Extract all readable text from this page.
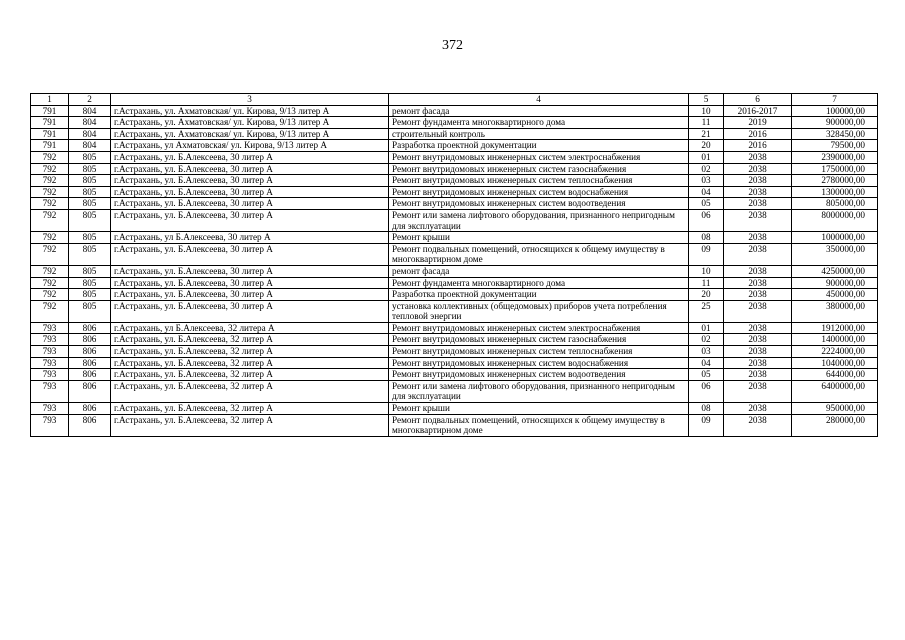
372
1	2	3	4	5	6	7
791	804	г.Астрахань, ул. Ахматовская/ ул. Кирова, 9/13 литер А	ремонт фасада	10	2016-2017	100000,00
791	804	г.Астрахань, ул. Ахматовская/ ул. Кирова, 9/13 литер А	Ремонт фундамента многоквартирного дома	11	2019	900000,00
791	804	г.Астрахань, ул. Ахматовская/ ул. Кирова, 9/13 литер А	строительный контроль	21	2016	328450,00
791	804	г.Астрахань, ул Ахматовская/ ул. Кирова, 9/13 литер А	Разработка проектной документации	20	2016	79500,00
792	805	г.Астрахань, ул. Б.Алексеева, 30 литер А	Ремонт внутридомовых инженерных систем электроснабжения	01	2038	2390000,00
792	805	г.Астрахань, ул. Б.Алексеева, 30 литер А	Ремонт внутридомовых инженерных систем газоснабжения	02	2038	1750000,00
792	805	г.Астрахань, ул. Б.Алексеева, 30 литер А	Ремонт внутридомовых инженерных систем теплоснабжения	03	2038	2780000,00
792	805	г.Астрахань, ул. Б.Алексеева, 30 литер А	Ремонт внутридомовых инженерных систем водоснабжения	04	2038	1300000,00
792	805	г.Астрахань, ул. Б.Алексеева, 30 литер А	Ремонт внутридомовых инженерных систем водоотведения	05	2038	805000,00
792	805	г.Астрахань, ул. Б.Алексеева, 30 литер А	Ремонт или замена лифтового оборудования, признанного непригодным для эксплуатации	06	2038	8000000,00
792	805	г.Астрахань, ул Б.Алексеева, 30 литер А	Ремонт крыши	08	2038	1000000,00
792	805	г.Астрахань, ул. Б.Алексеева, 30 литер А	Ремонт подвальных помещений, относящихся к общему имуществу в многоквартирном доме	09	2038	350000,00
792	805	г.Астрахань, ул. Б.Алексеева, 30 литер А	ремонт фасада	10	2038	4250000,00
792	805	г.Астрахань, ул. Б.Алексеева, 30 литер А	Ремонт фундамента многоквартирного дома	11	2038	900000,00
792	805	г.Астрахань, ул. Б.Алексеева, 30 литер А	Разработка проектной документации	20	2038	450000,00
792	805	г.Астрахань, ул. Б.Алексеева, 30 литер А	установка коллективных (общедомовых) приборов учета потребления тепловой энергии	25	2038	380000,00
793	806	г.Астрахань, ул Б.Алексеева, 32 литера А	Ремонт внутридомовых инженерных систем электроснабжения	01	2038	1912000,00
793	806	г.Астрахань, ул. Б.Алексеева, 32 литер А	Ремонт внутридомовых инженерных систем газоснабжения	02	2038	1400000,00
793	806	г.Астрахань, ул. Б.Алексеева, 32 литер А	Ремонт внутридомовых инженерных систем теплоснабжения	03	2038	2224000,00
793	806	г.Астрахань, ул. Б.Алексеева, 32 литер А	Ремонт внутридомовых инженерных систем водоснабжения	04	2038	1040000,00
793	806	г.Астрахань, ул. Б.Алексеева, 32 литер А	Ремонт внутридомовых инженерных систем водоотведения	05	2038	644000,00
793	806	г.Астрахань, ул. Б.Алексеева, 32 литер А	Ремонт или замена лифтового оборудования, признанного непригодным для эксплуатации	06	2038	6400000,00
793	806	г.Астрахань, ул. Б.Алексеева, 32 литер А	Ремонт крыши	08	2038	950000,00
793	806	г.Астрахань, ул. Б.Алексеева, 32 литер А	Ремонт подвальных помещений, относящихся к общему имуществу в многоквартирном доме	09	2038	280000,00
